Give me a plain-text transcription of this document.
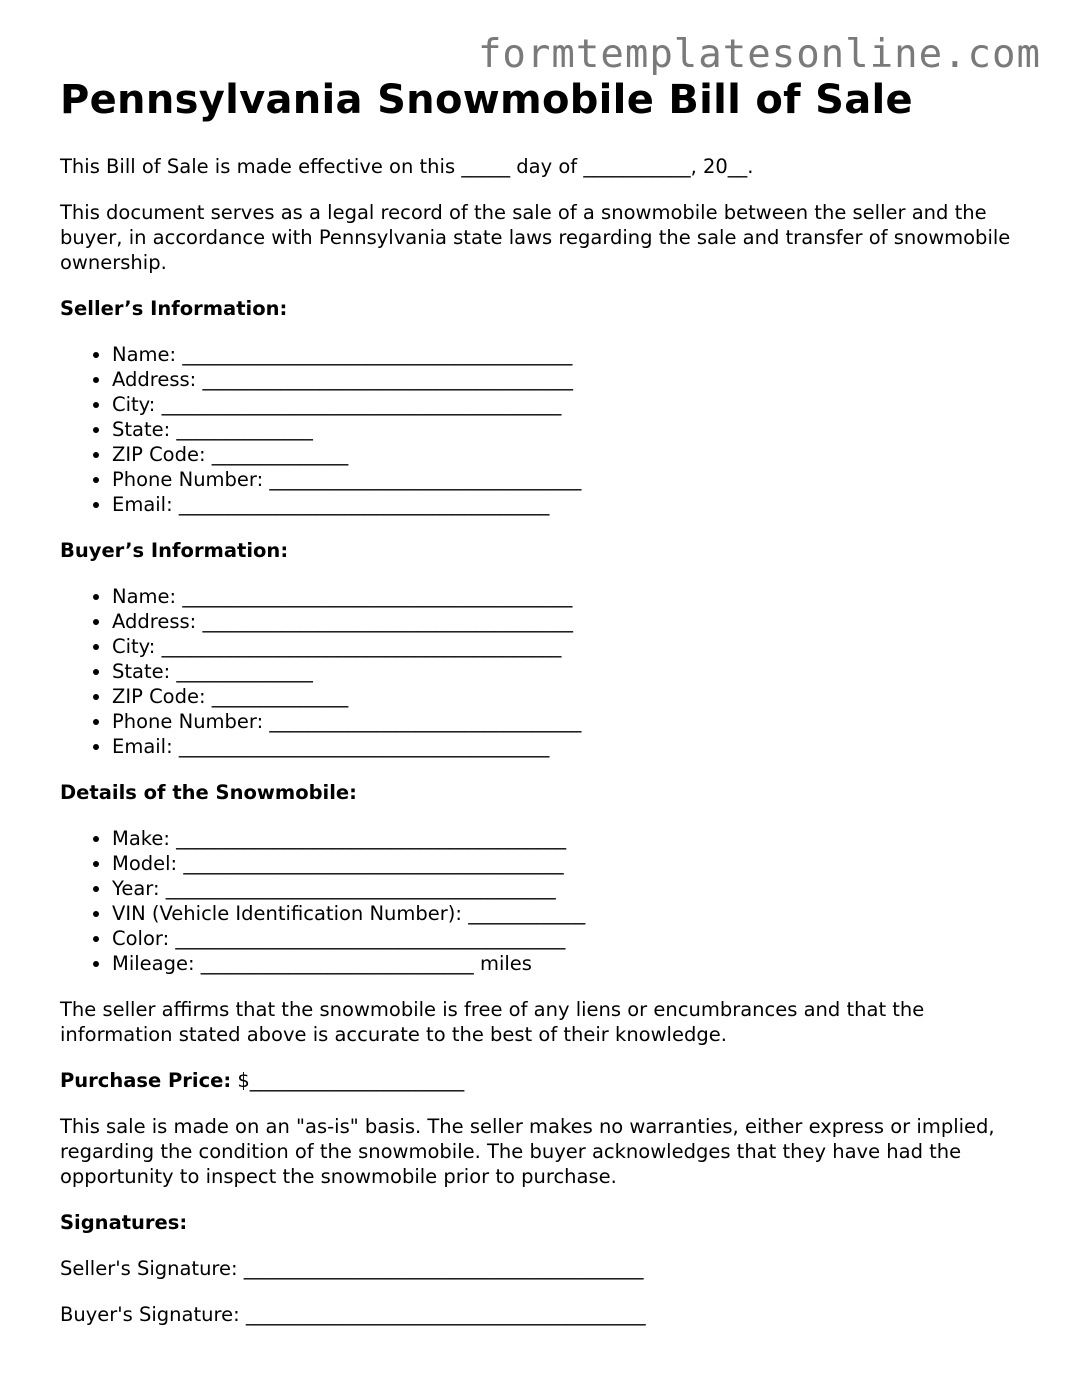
formtemplatesonline.com
Pennsylvania Snowmobile Bill of Sale

This Bill of Sale is made effective on this _____ day of ___________, 20__.

This document serves as a legal record of the sale of a snowmobile between the seller and the buyer, in accordance with Pennsylvania state laws regarding the sale and transfer of snowmobile ownership.

Seller’s Information:
• Name: ________________________________________
• Address: ______________________________________
• City: _________________________________________
• State: ______________
• ZIP Code: ______________
• Phone Number: ________________________________
• Email: ______________________________________
Buyer’s Information:
• Name: ________________________________________
• Address: ______________________________________
• City: _________________________________________
• State: ______________
• ZIP Code: ______________
• Phone Number: ________________________________
• Email: ______________________________________
Details of the Snowmobile:
• Make: ________________________________________
• Model: _______________________________________
• Year: ________________________________________
• VIN (Vehicle Identification Number): ____________
• Color: ________________________________________
• Mileage: ____________________________ miles

The seller affirms that the snowmobile is free of any liens or encumbrances and that the information stated above is accurate to the best of their knowledge.

Purchase Price: $______________________

This sale is made on an "as-is" basis. The seller makes no warranties, either express or implied, regarding the condition of the snowmobile. The buyer acknowledges that they have had the opportunity to inspect the snowmobile prior to purchase.

Signatures:

Seller's Signature: _________________________________________

Buyer's Signature: _________________________________________
